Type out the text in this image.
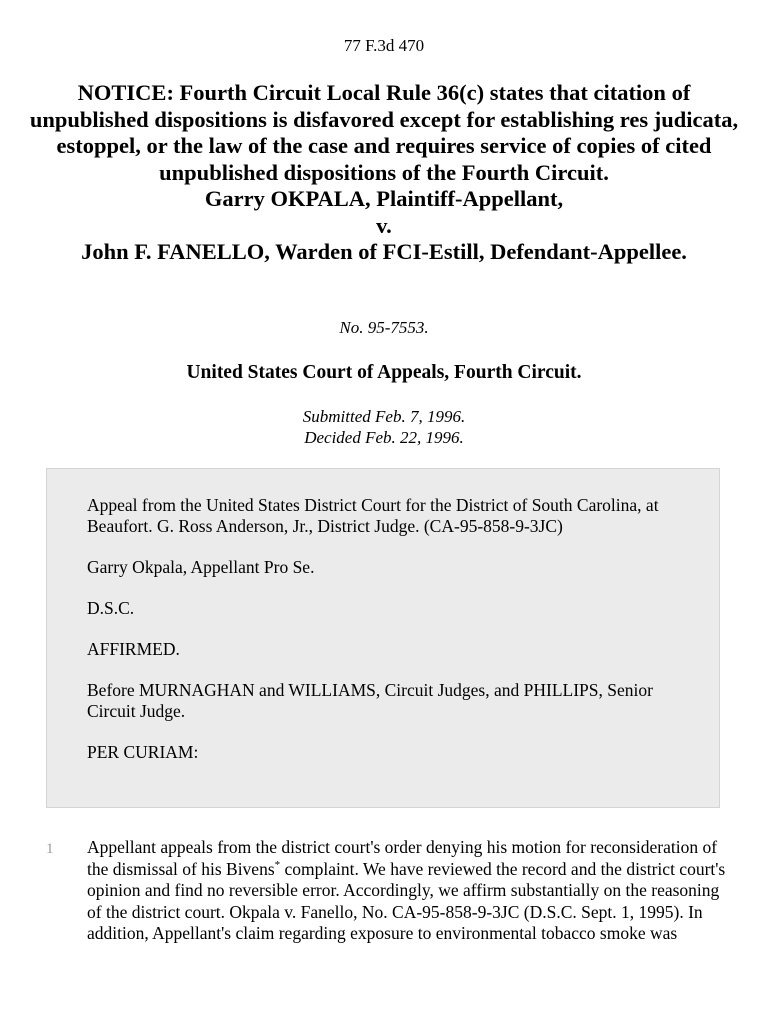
77 F.3d 470
NOTICE: Fourth Circuit Local Rule 36(c) states that citation of unpublished dispositions is disfavored except for establishing res judicata, estoppel, or the law of the case and requires service of copies of cited unpublished dispositions of the Fourth Circuit.
Garry OKPALA, Plaintiff-Appellant,
v.
John F. FANELLO, Warden of FCI-Estill, Defendant-Appellee.
No. 95-7553.
United States Court of Appeals, Fourth Circuit.
Submitted Feb. 7, 1996.
Decided Feb. 22, 1996.

Appeal from the United States District Court for the District of South Carolina, at Beaufort. G. Ross Anderson, Jr., District Judge. (CA-95-858-9-3JC)

Garry Okpala, Appellant Pro Se.

D.S.C.

AFFIRMED.

Before MURNAGHAN and WILLIAMS, Circuit Judges, and PHILLIPS, Senior Circuit Judge.

PER CURIAM:

1 Appellant appeals from the district court's order denying his motion for reconsideration of the dismissal of his Bivens* complaint. We have reviewed the record and the district court's opinion and find no reversible error. Accordingly, we affirm substantially on the reasoning of the district court. Okpala v. Fanello, No. CA-95-858-9-3JC (D.S.C. Sept. 1, 1995). In addition, Appellant's claim regarding exposure to environmental tobacco smoke was
